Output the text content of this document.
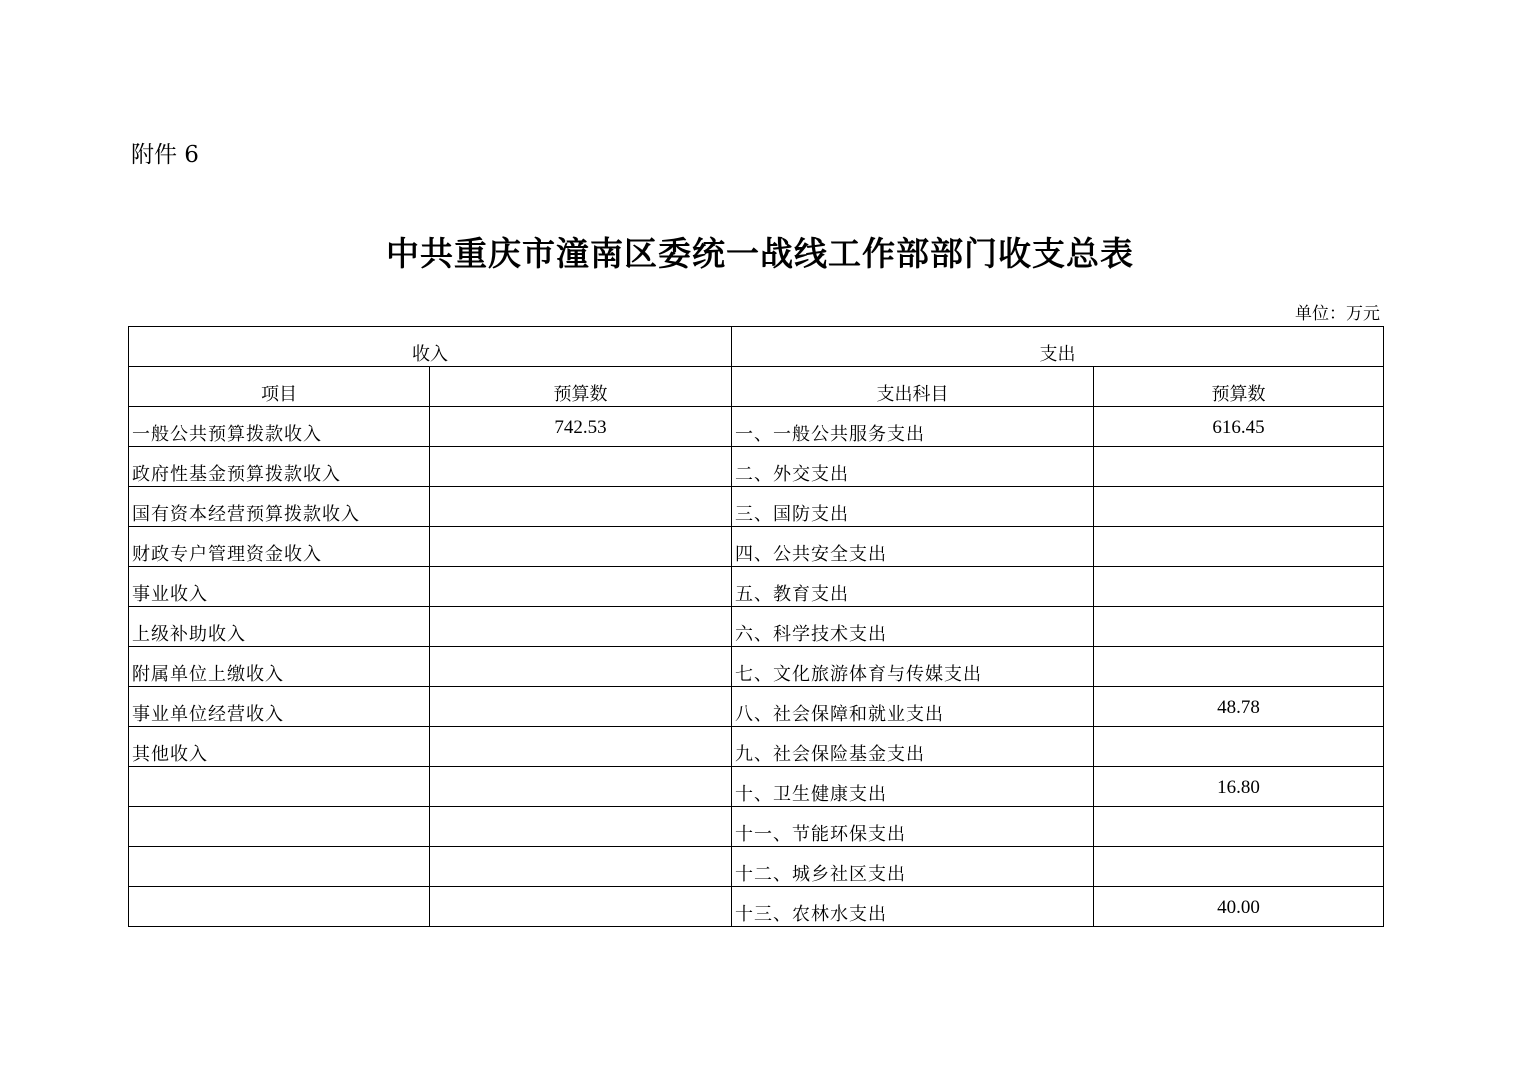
附件 6
中共重庆市潼南区委统一战线工作部部门收支总表
单位：万元
收入		支出	
项目	预算数	支出科目	预算数
一般公共预算拨款收入	742.53	一、一般公共服务支出	616.45
政府性基金预算拨款收入		二、外交支出	
国有资本经营预算拨款收入		三、国防支出	
财政专户管理资金收入		四、公共安全支出	
事业收入		五、教育支出	
上级补助收入		六、科学技术支出	
附属单位上缴收入		七、文化旅游体育与传媒支出	
事业单位经营收入		八、社会保障和就业支出	48.78
其他收入		九、社会保险基金支出	
		十、卫生健康支出	16.80
		十一、节能环保支出	
		十二、城乡社区支出	
		十三、农林水支出	40.00
